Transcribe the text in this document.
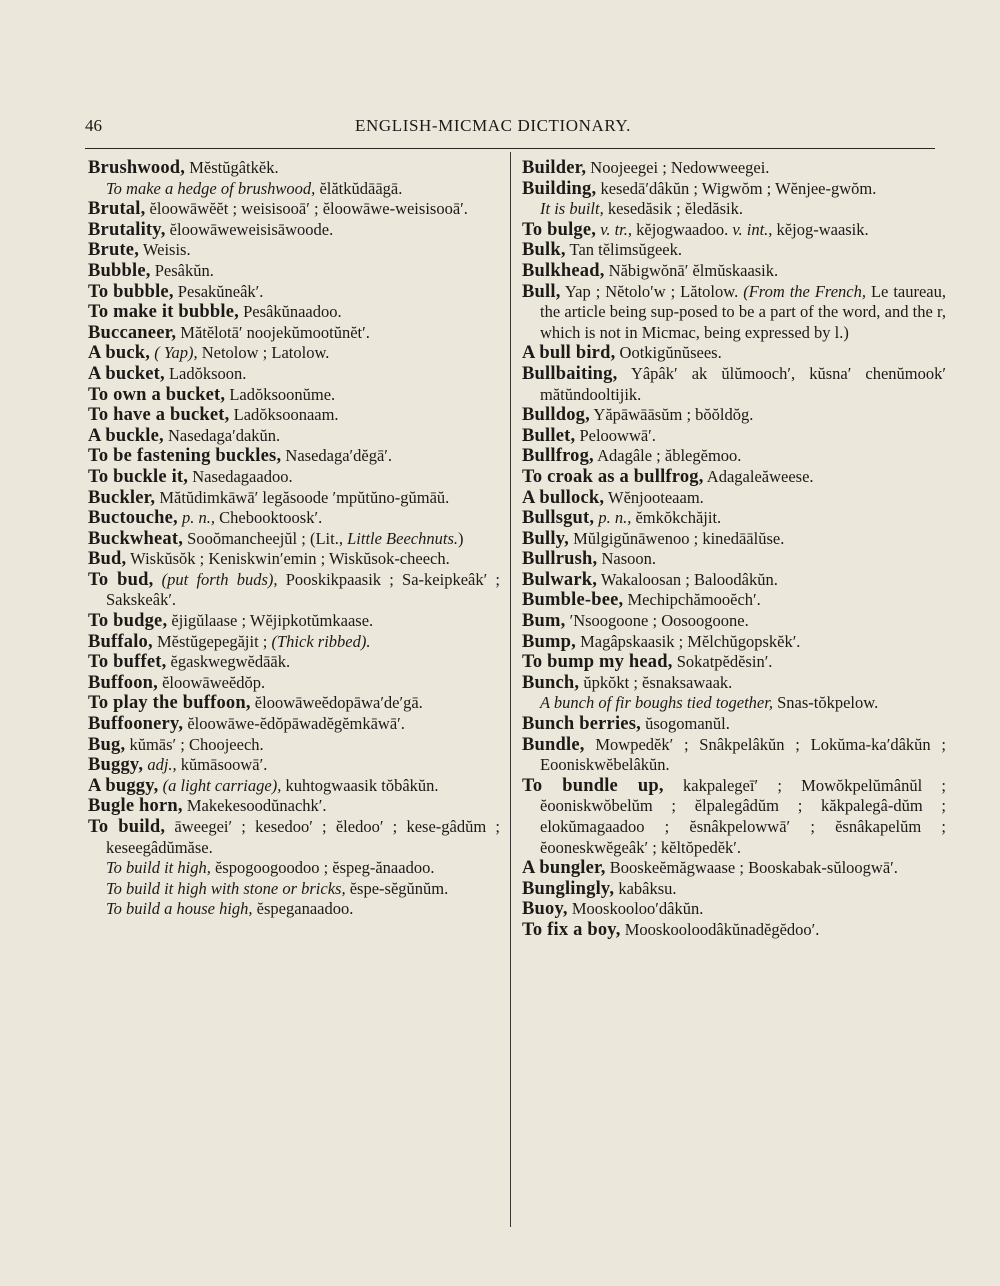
46	ENGLISH-MICMAC DICTIONARY.

Brushwood, Mĕstŭgâtkĕk.

To make a hedge of brushwood, ĕlătkŭdāāgā.

Brutal, ĕloowāwĕĕt ; weisisooā′ ; ĕloowāwe-weisisooā′.

Brutality, ĕloowāweweisisāwoode.

Brute, Weisis.

Bubble, Pesâkŭn.

To bubble, Pesakŭneâk′.

To make it bubble, Pesâkŭnaadoo.

Buccaneer, Mătĕlotā′ noojekŭmootŭnĕt′.

A buck, ( Yap), Netolow ; Latolow.

A bucket, Ladŏksoon.

To own a bucket, Ladŏksoonŭme.

To have a bucket, Ladŏksoonaam.

A buckle, Nasedaga′dakŭn.

To be fastening buckles, Nasedaga′dĕgā′.

To buckle it, Nasedagaadoo.

Buckler, Mătŭdimkāwā′ legăsoode ′mpŭtŭno-gŭmāŭ.

Buctouche, p. n., Chebooktoosk′.

Buckwheat, Sooŏmancheejŭl ; (Lit., Little Beechnuts.)

Bud, Wiskŭsŏk ; Keniskwin′emin ; Wiskŭsok-cheech.

To bud, (put forth buds), Pooskikpaasik ; Sa-keipkeâk′ ; Sakskeâk′.

To budge, ĕjigŭlaase ; Wĕjipkotŭmkaase.

Buffalo, Mĕstŭgepegăjit ; (Thick ribbed).

To buffet, ĕgaskwegwĕdāāk.

Buffoon, ĕloowāweĕdŏp.

To play the buffoon, ĕloowāweĕdopāwa′de′gā.

Buffoonery, ĕloowāwe-ĕdŏpāwadĕgĕmkāwā′.

Bug, kŭmās′ ; Choojeech.

Buggy, adj., kŭmāsoowā′.

A buggy, (a light carriage), kuhtogwaasik tŏbâkŭn.

Bugle horn, Makekesoodŭnachk′.

To build, āweegei′ ; kesedoo′ ; ĕledoo′ ; kese-gâdŭm ; keseegâdŭmăse.

To build it high, ĕspogoogoodoo ; ĕspeg-ănaadoo.

To build it high with stone or bricks, ĕspe-sĕgŭnŭm.

To build a house high, ĕspeganaadoo.

Builder, Noojeegei ; Nedowweegei.

Building, kesedā′dâkŭn ; Wigwŏm ; Wĕnjee-gwŏm.

It is built, kesedăsik ; ĕledăsik.

To bulge, v. tr., kĕjogwaadoo. v. int., kĕjog-waasik.

Bulk, Tan tĕlimsŭgeek.

Bulkhead, Năbigwŏnā′ ĕlmŭskaasik.

Bull, Yap ; Nĕtolo′w ; Lătolow. (From the French, Le taureau, the article being sup-posed to be a part of the word, and the r, which is not in Micmac, being expressed by l.)

A bull bird, Ootkigŭnŭsees.

Bullbaiting, Yâpâk′ ak ŭlŭmooch′, kŭsna′ chenŭmook′ mătŭndooltijik.

Bulldog, Yăpāwāāsŭm ; bŏŏldŏg.

Bullet, Peloowwā′.

Bullfrog, Adagâle ; ăblegĕmoo.

To croak as a bullfrog, Adagaleăweese.

A bullock, Wĕnjooteaam.

Bullsgut, p. n., ĕmkŏkchăjit.

Bully, Mŭlgigŭnāwenoo ; kinedāālŭse.

Bullrush, Nasoon.

Bulwark, Wakaloosan ; Baloodâkŭn.

Bumble-bee, Mechipchămooĕch′.

Bum, ′Nsoogoone ; Oosoogoone.

Bump, Magâpskaasik ; Mĕlchŭgopskĕk′.

To bump my head, Sokatpĕdĕsin′.

Bunch, ŭpkŏkt ; ĕsnaksawaak.

A bunch of fir boughs tied together, Snas-tŏkpelow.

Bunch berries, ŭsogomanŭl.

Bundle, Mowpedĕk′ ; Snâkpelâkŭn ; Lokŭma-ka′dâkŭn ; Eooniskwĕbelâkŭn.

To bundle up, kakpalegeī′ ; Mowŏkpelŭmânŭl ; ĕooniskwŏbelŭm ; ĕlpalegâdŭm ; kăkpalegâ-dŭm ; elokŭmagaadoo ; ĕsnâkpelowwā′ ; ĕsnâkapelŭm ; ĕooneskwĕgeâk′ ; kĕltŏpedĕk′.

A bungler, Booskeĕmăgwaase ; Booskabak-sŭloogwā′.

Bunglingly, kabâksu.

Buoy, Mooskooloo′dâkŭn.

To fix a boy, Mooskooloodâkŭnadĕgĕdoo′.
